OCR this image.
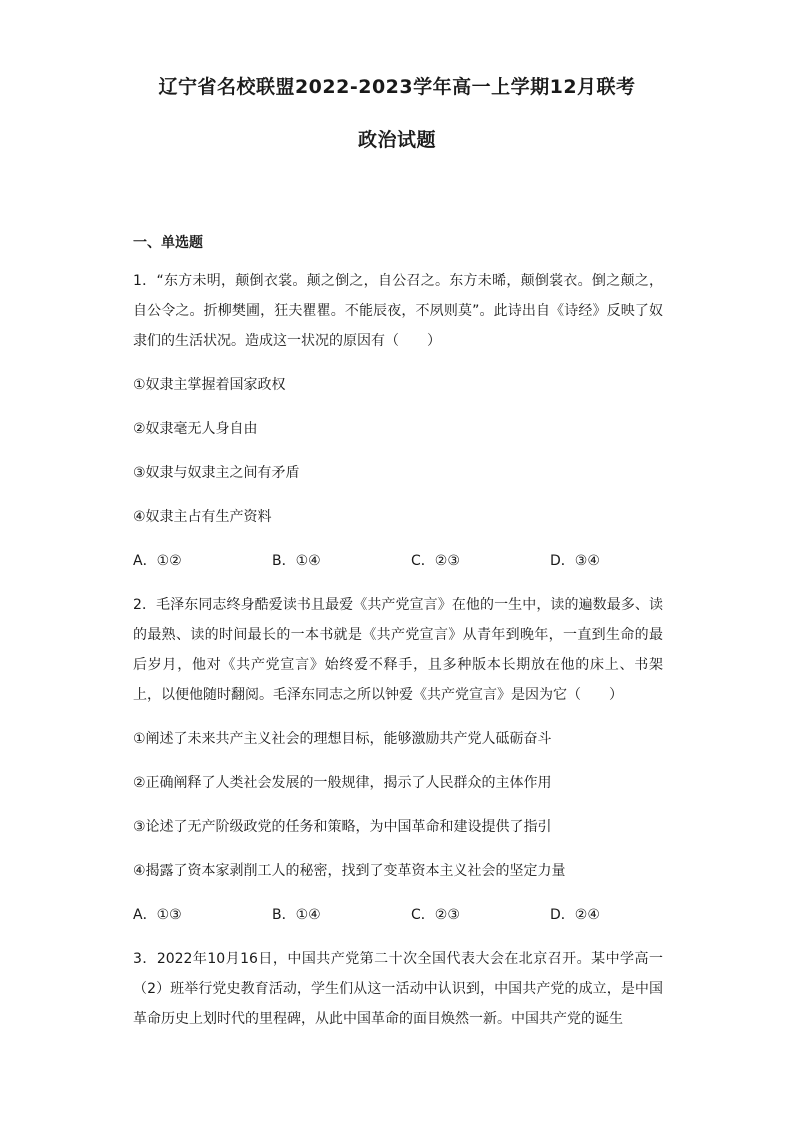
辽宁省名校联盟2022-2023学年高一上学期12月联考
政治试题
一、单选题
1．“东方未明，颠倒衣裳。颠之倒之，自公召之。东方未晞，颠倒裳衣。倒之颠之，自公令之。折柳樊圃，狂夫瞿瞿。不能辰夜，不夙则莫”。此诗出自《诗经》反映了奴隶们的生活状况。造成这一状况的原因有（　　）
①奴隶主掌握着国家政权
②奴隶毫无人身自由
③奴隶与奴隶主之间有矛盾
④奴隶主占有生产资料
A．①②	B．①④	C．②③	D．③④
2．毛泽东同志终身酷爱读书且最爱《共产党宣言》在他的一生中，读的遍数最多、读的最熟、读的时间最长的一本书就是《共产党宣言》从青年到晚年，一直到生命的最后岁月，他对《共产党宣言》始终爱不释手，且多种版本长期放在他的床上、书架上，以便他随时翻阅。毛泽东同志之所以钟爱《共产党宣言》是因为它（　　）
①阐述了未来共产主义社会的理想目标，能够激励共产党人砥砺奋斗
②正确阐释了人类社会发展的一般规律，揭示了人民群众的主体作用
③论述了无产阶级政党的任务和策略，为中国革命和建设提供了指引
④揭露了资本家剥削工人的秘密，找到了变革资本主义社会的坚定力量
A．①③	B．①④	C．②③	D．②④
3．2022年10月16日，中国共产党第二十次全国代表大会在北京召开。某中学高一（2）班举行党史教育活动，学生们从这一活动中认识到，中国共产党的成立，是中国革命历史上划时代的里程碑，从此中国革命的面目焕然一新。中国共产党的诞生
